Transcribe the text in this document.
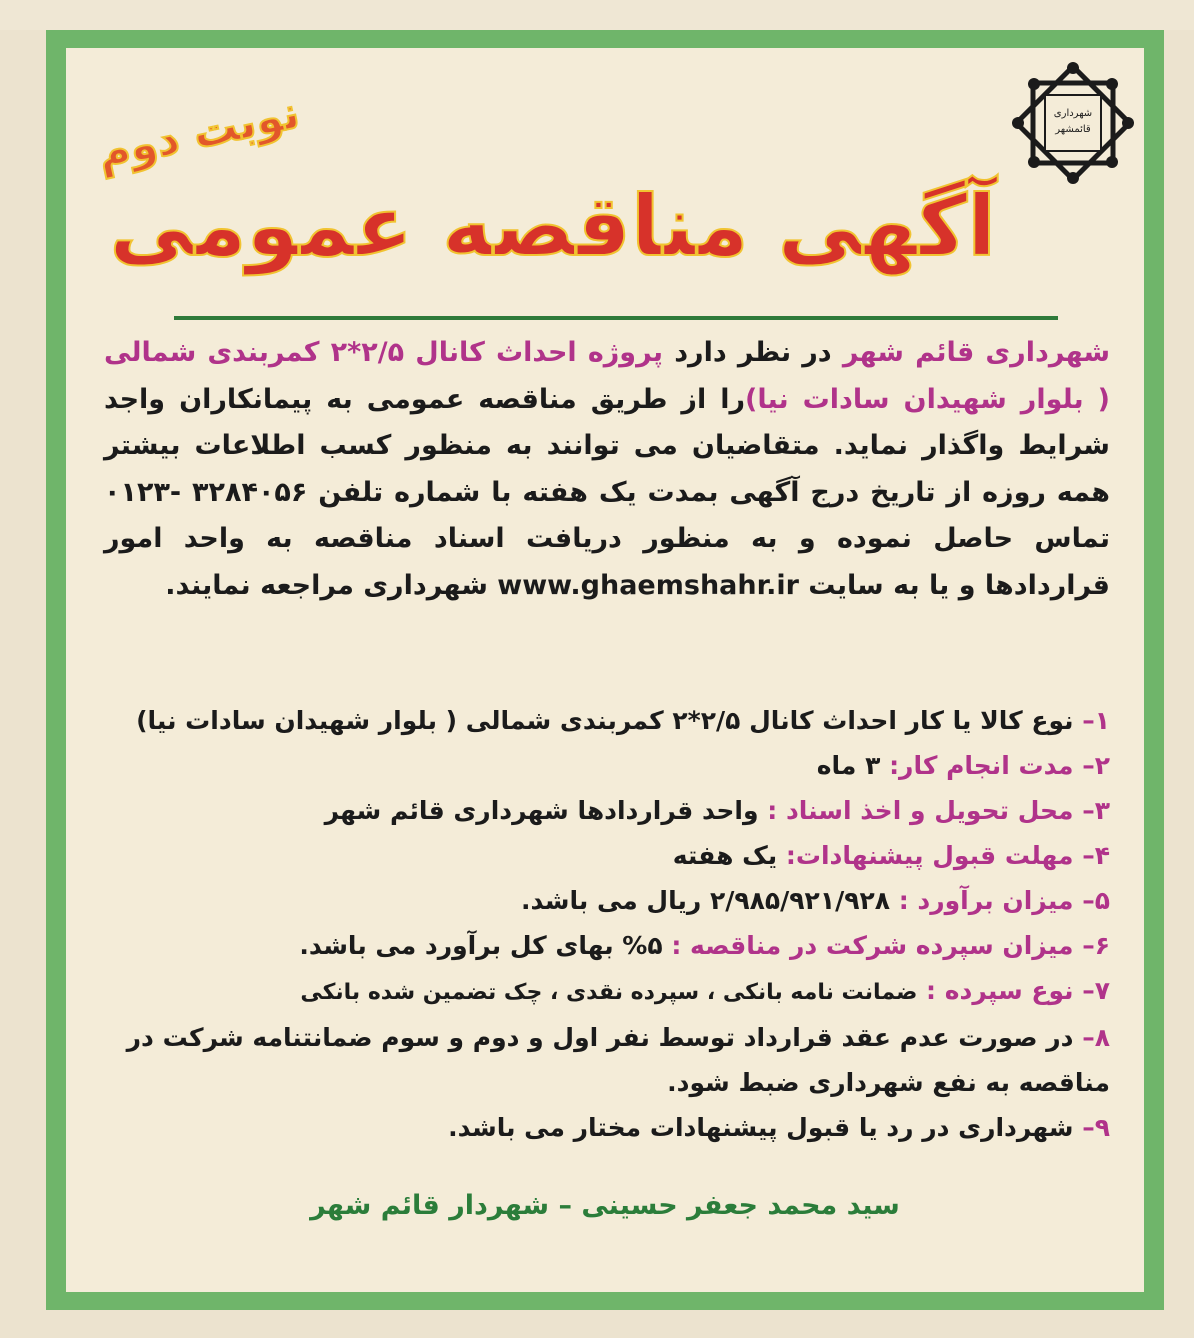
شهرداری قائمشهر
نوبت دوم
آگهی مناقصه عمومی
شهرداری قائم شهر در نظر دارد پروژه احداث کانال ۲/۵*۲ کمربندی شمالی ( بلوار شهیدان سادات نیا)را از طریق مناقصه عمومی به پیمانکاران واجد شرایط واگذار نماید. متقاضیان می توانند به منظور کسب اطلاعات بیشتر همه روزه از تاریخ درج آگهی بمدت یک هفته با شماره تلفن ۳۲۸۴۰۵۶ -۰۱۲۳ تماس حاصل نموده و به منظور دریافت اسناد مناقصه به واحد امور قراردادها و یا به سایت www.ghaemshahr.ir شهرداری مراجعه نمایند.
۱– نوع کالا یا کار احداث کانال ۲/۵*۲ کمربندی شمالی ( بلوار شهیدان سادات نیا)
۲– مدت انجام کار: ۳ ماه
۳– محل تحویل و اخذ اسناد : واحد قراردادها شهرداری قائم شهر
۴– مهلت قبول پیشنهادات: یک هفته
۵– میزان برآورد : ۲/۹۸۵/۹۲۱/۹۲۸ ریال می باشد.
۶– میزان سپرده شرکت در مناقصه : ۵% بهای کل برآورد می باشد.
۷– نوع سپرده : ضمانت نامه بانکی ، سپرده نقدی ، چک تضمین شده بانکی
۸– در صورت عدم عقد قرارداد توسط نفر اول و دوم و سوم ضمانتنامه شرکت در مناقصه به نفع شهرداری ضبط شود.
۹– شهرداری در رد یا قبول پیشنهادات مختار می باشد.
سید محمد جعفر حسینی – شهردار قائم شهر
